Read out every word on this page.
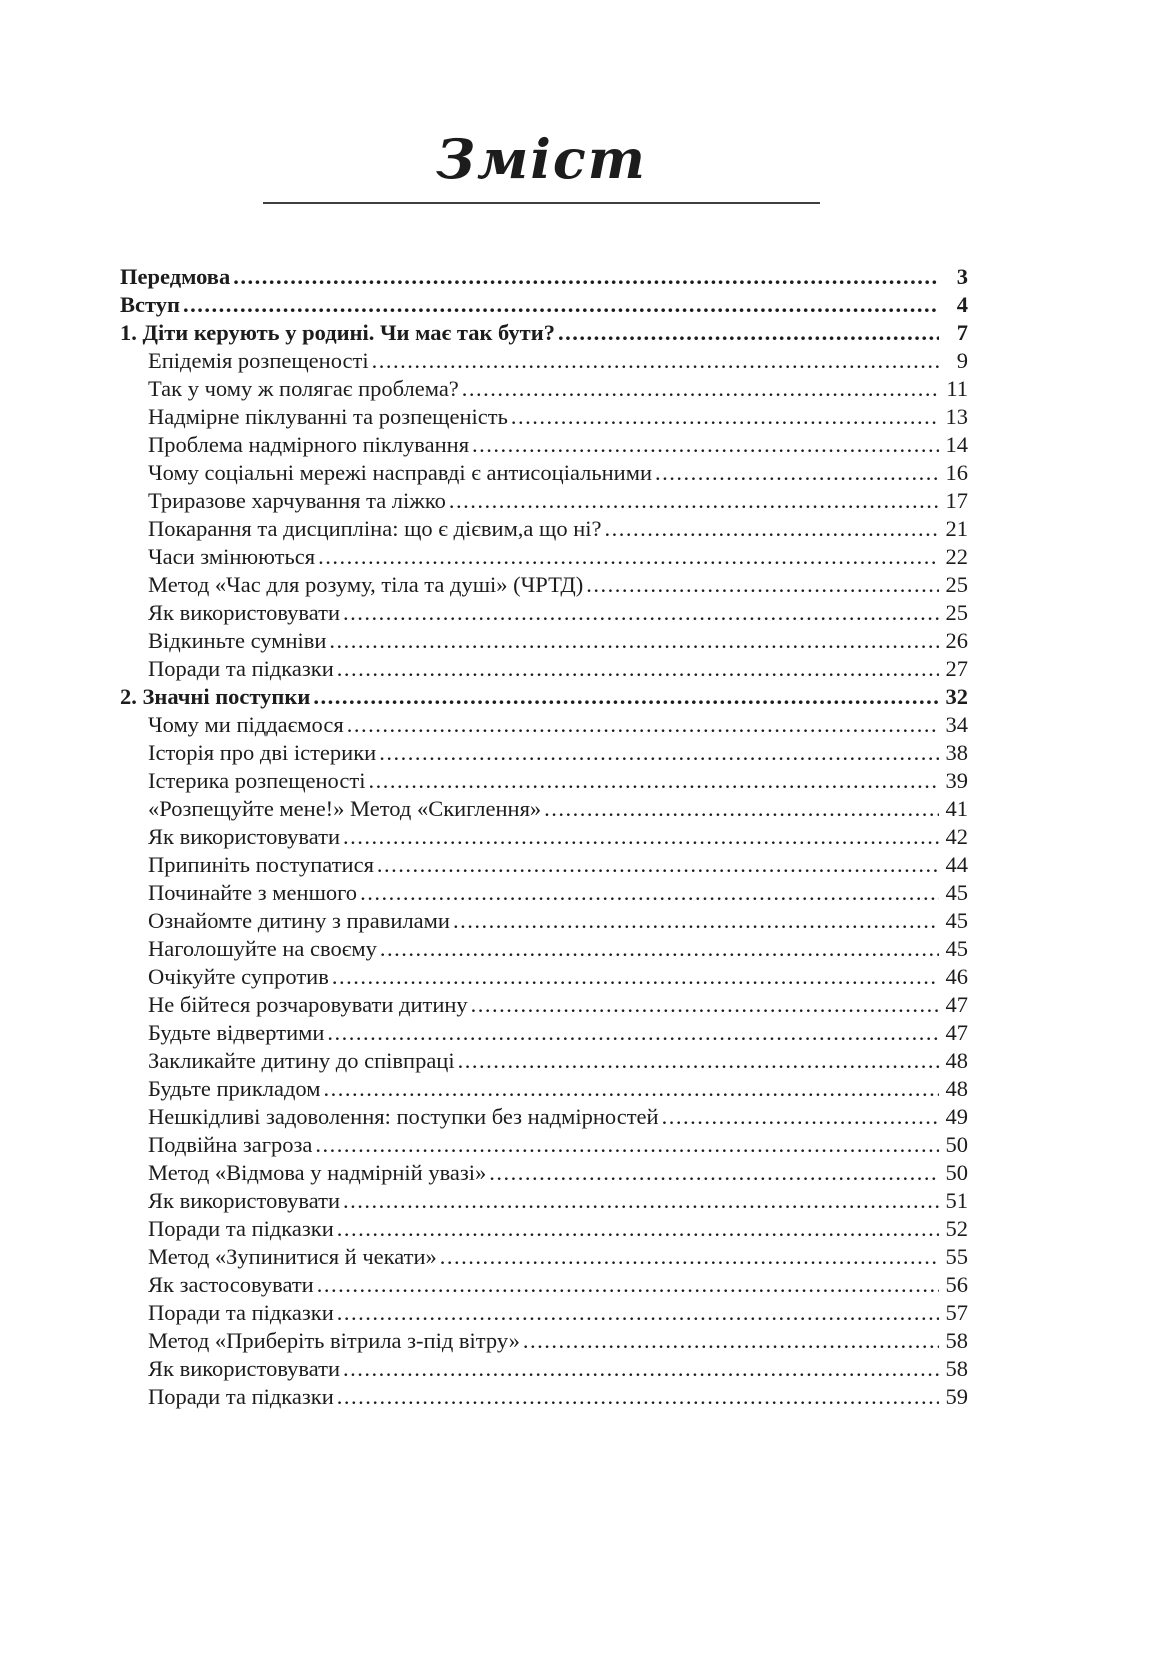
Зміст
Передмова .....	3
Вступ .....	4
1. Діти керують у родині. Чи має так бути? .....	7
Епідемія розпещеності .....	9
Так у чому ж полягає проблема? .....	11
Надмірне піклуванні та розпещеність .....	13
Проблема надмірного піклування .....	14
Чому соціальні мережі насправді є антисоціальними .....	16
Триразове харчування та ліжко .....	17
Покарання та дисципліна: що є дієвим,а що ні? .....	21
Часи змінюються .....	22
Метод «Час для розуму, тіла та душі» (ЧРТД) .....	25
Як використовувати .....	25
Відкиньте сумніви .....	26
Поради та підказки .....	27
2. Значні поступки .....	32
Чому ми піддаємося .....	34
Історія про дві істерики .....	38
Істерика розпещеності .....	39
«Розпещуйте мене!» Метод «Скиглення» .....	41
Як використовувати .....	42
Припиніть поступатися .....	44
Починайте з меншого .....	45
Ознайомте дитину з правилами .....	45
Наголошуйте на своєму .....	45
Очікуйте супротив .....	46
Не бійтеся розчаровувати дитину .....	47
Будьте відвертими .....	47
Закликайте дитину до співпраці .....	48
Будьте прикладом .....	48
Нешкідливі задоволення: поступки без надмірностей .....	49
Подвійна загроза .....	50
Метод «Відмова у надмірній увазі» .....	50
Як використовувати .....	51
Поради та підказки .....	52
Метод «Зупинитися й чекати» .....	55
Як застосовувати .....	56
Поради та підказки .....	57
Метод «Приберіть вітрила з-під вітру» .....	58
Як використовувати .....	58
Поради та підказки .....	59
